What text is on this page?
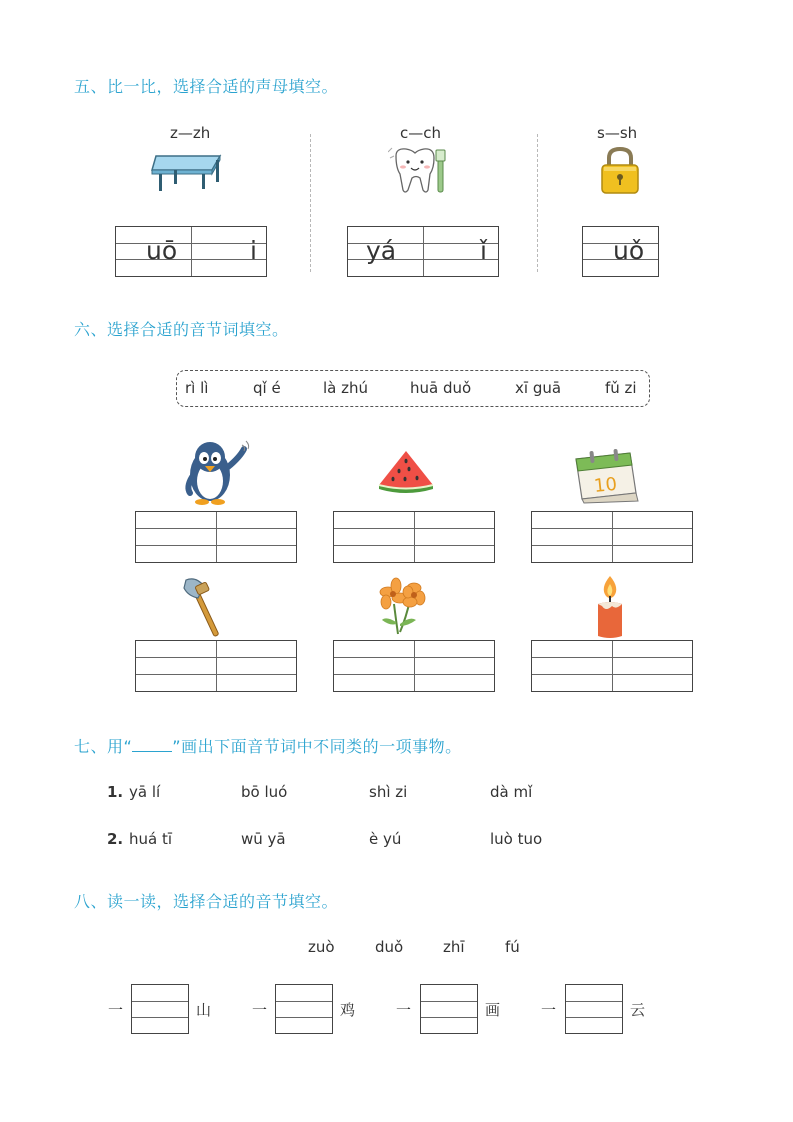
五、比一比，选择合适的声母填空。
z—zh
uō	i
c—ch
yá	ǐ
s—sh
uǒ
六、选择合适的音节词填空。
rì lì	qǐ é	là zhú	huā duǒ	xī guā	fǔ zi
10
七、用“	”画出下面音节词中不同类的一项事物。
1. yā lí	bō luó	shì zi	dà mǐ
2. huá tī	wū yā	è yú	luò tuo
八、读一读，选择合适的音节填空。
zuò	duǒ	zhī	fú
一	山	一	鸡	一	画	一	云
